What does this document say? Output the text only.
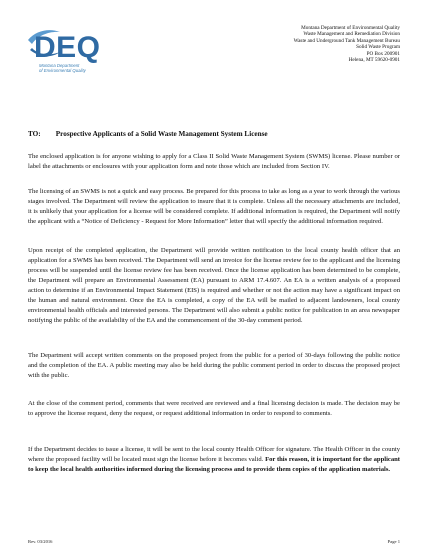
DEQ
Montana Department
of Environmental Quality
Montana Department of Environmental Quality
Waste Management and Remediation Division
Waste and Underground Tank Management Bureau
Solid Waste Program
PO Box 200901
Helena, MT 59620-0901
TO: Prospective Applicants of a Solid Waste Management System License

The enclosed application is for anyone wishing to apply for a Class II Solid Waste Management System (SWMS) license. Please number or label the attachments or enclosures with your application form and note those which are included from Section IV.

The licensing of an SWMS is not a quick and easy process. Be prepared for this process to take as long as a year to work through the various stages involved. The Department will review the application to insure that it is complete. Unless all the necessary attachments are included, it is unlikely that your application for a license will be considered complete. If additional information is required, the Department will notify the applicant with a “Notice of Deficiency - Request for More Information” letter that will specify the additional information required.

Upon receipt of the completed application, the Department will provide written notification to the local county health officer that an application for a SWMS has been received. The Department will send an invoice for the license review fee to the applicant and the licensing process will be suspended until the license review fee has been received. Once the license application has been determined to be complete, the Department will prepare an Environmental Assessment (EA) pursuant to ARM 17.4.607. An EA is a written analysis of a proposed action to determine if an Environmental Impact Statement (EIS) is required and whether or not the action may have a significant impact on the human and natural environment. Once the EA is completed, a copy of the EA will be mailed to adjacent landowners, local county environmental health officials and interested persons. The Department will also submit a public notice for publication in an area newspaper notifying the public of the availability of the EA and the commencement of the 30-day comment period.

The Department will accept written comments on the proposed project from the public for a period of 30-days following the public notice and the completion of the EA. A public meeting may also be held during the public comment period in order to discuss the proposed project with the public.

At the close of the comment period, comments that were received are reviewed and a final licensing decision is made. The decision may be to approve the license request, deny the request, or request additional information in order to respond to comments.

If the Department decides to issue a license, it will be sent to the local county Health Officer for signature. The Health Officer in the county where the proposed facility will be located must sign the license before it becomes valid. For this reason, it is important for the applicant to keep the local health authorities informed during the licensing process and to provide them copies of the application materials.

Rev. 03/2016	Page 1
